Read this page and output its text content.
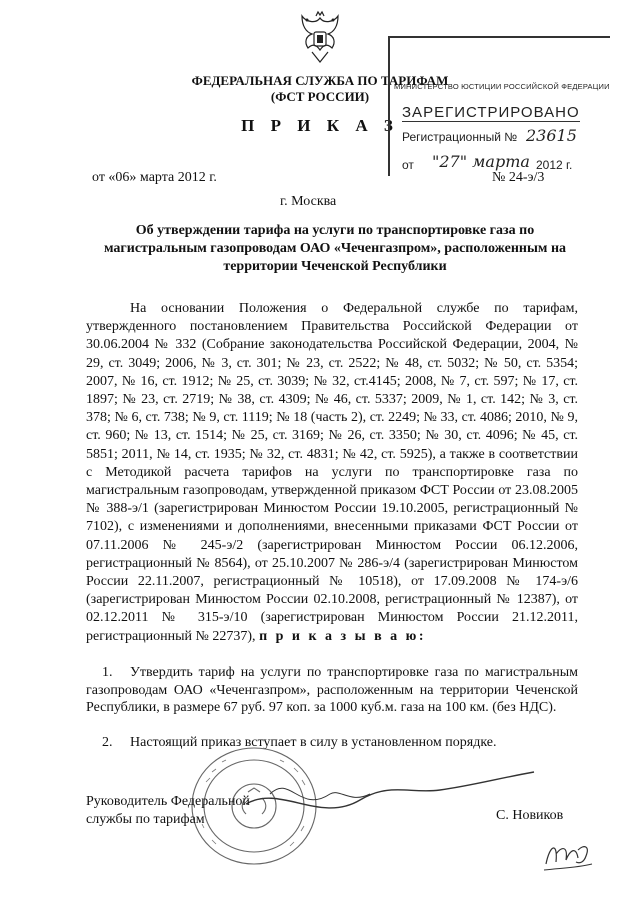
ФЕДЕРАЛЬНАЯ СЛУЖБА ПО ТАРИФАМ
(ФСТ РОССИИ)
П Р И К А З
МИНИСТЕРСТВО ЮСТИЦИИ РОССИЙСКОЙ ФЕДЕРАЦИИ
ЗАРЕГИСТРИРОВАНО
Регистрационный № 23615
от "27" марта 2012 г.
от «06» марта 2012 г.	№ 24-э/3
г. Москва
Об утверждении тарифа на услуги по транспортировке газа по магистральным газопроводам ОАО «Чеченгазпром», расположенным на территории Чеченской Республики

На основании Положения о Федеральной службе по тарифам, утвержденного постановлением Правительства Российской Федерации от 30.06.2004 № 332 (Собрание законодательства Российской Федерации, 2004, № 29, ст. 3049; 2006, № 3, ст. 301; № 23, ст. 2522; № 48, ст. 5032; № 50, ст. 5354; 2007, № 16, ст. 1912; № 25, ст. 3039; № 32, ст.4145; 2008, № 7, ст. 597; № 17, ст. 1897; № 23, ст. 2719; № 38, ст. 4309; № 46, ст. 5337; 2009, № 1, ст. 142; № 3, ст. 378; № 6, ст. 738; № 9, ст. 1119; № 18 (часть 2), ст. 2249; № 33, ст. 4086; 2010, № 9, ст. 960; № 13, ст. 1514; № 25, ст. 3169; № 26, ст. 3350; № 30, ст. 4096; № 45, ст. 5851; 2011, № 14, ст. 1935; № 32, ст. 4831; № 42, ст. 5925), а также в соответствии с Методикой расчета тарифов на услуги по транспортировке газа по магистральным газопроводам, утвержденной приказом ФСТ России от 23.08.2005 № 388-э/1 (зарегистрирован Минюстом России 19.10.2005, регистрационный № 7102), с изменениями и дополнениями, внесенными приказами ФСТ России от 07.11.2006 № 245-э/2 (зарегистрирован Минюстом России 06.12.2006, регистрационный № 8564), от 25.10.2007 № 286-э/4 (зарегистрирован Минюстом России 22.11.2007, регистрационный № 10518), от 17.09.2008 № 174-э/6 (зарегистрирован Минюстом России 02.10.2008, регистрационный № 12387), от 02.12.2011 № 315-э/10 (зарегистрирован Минюстом России 21.12.2011, регистрационный № 22737), п р и к а з ы в а ю:

1. Утвердить тариф на услуги по транспортировке газа по магистральным газопроводам ОАО «Чеченгазпром», расположенным на территории Чеченской Республики, в размере 67 руб. 97 коп. за 1000 куб.м. газа на 100 км. (без НДС).
2. Настоящий приказ вступает в силу в установленном порядке.
Руководитель Федеральной
службы по тарифам	С. Новиков
